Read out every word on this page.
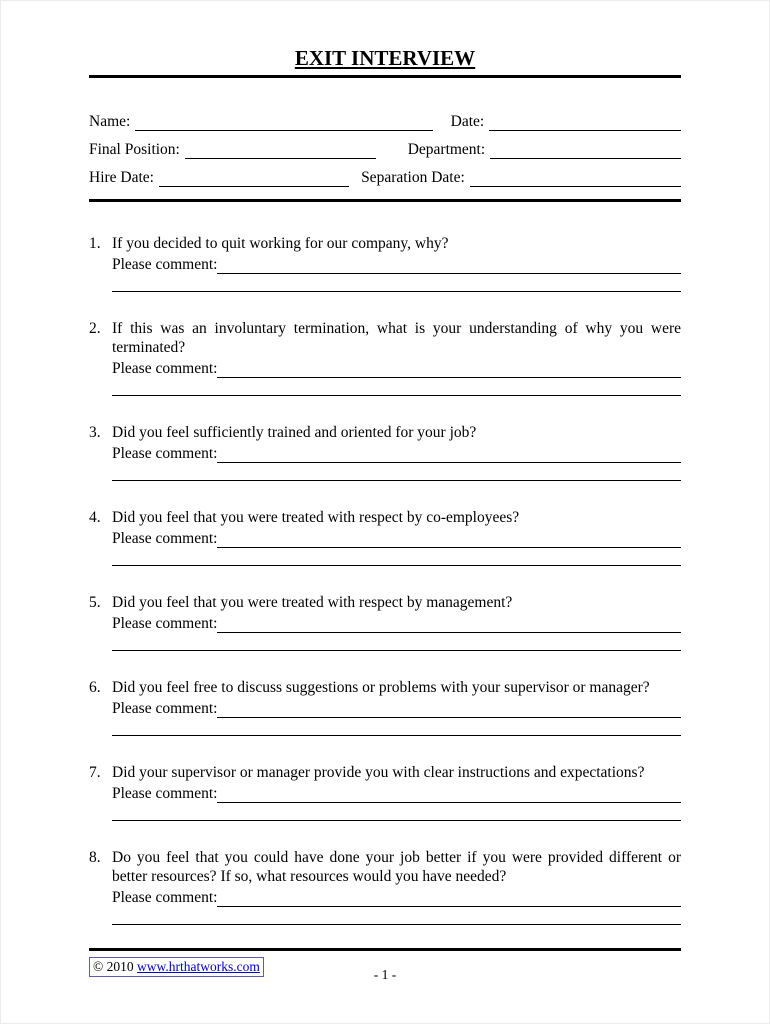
EXIT INTERVIEW
Name:	Date:
Final Position:	Department:
Hire Date:	Separation Date:
1. If you decided to quit working for our company, why?
Please comment:
2. If this was an involuntary termination, what is your understanding of why you were terminated?
Please comment:
3. Did you feel sufficiently trained and oriented for your job?
Please comment:
4. Did you feel that you were treated with respect by co-employees?
Please comment:
5. Did you feel that you were treated with respect by management?
Please comment:
6. Did you feel free to discuss suggestions or problems with your supervisor or manager?
Please comment:
7. Did your supervisor or manager provide you with clear instructions and expectations?
Please comment:
8. Do you feel that you could have done your job better if you were provided different or better resources? If so, what resources would you have needed?
Please comment:
© 2010 www.hrthatworks.com
- 1 -
